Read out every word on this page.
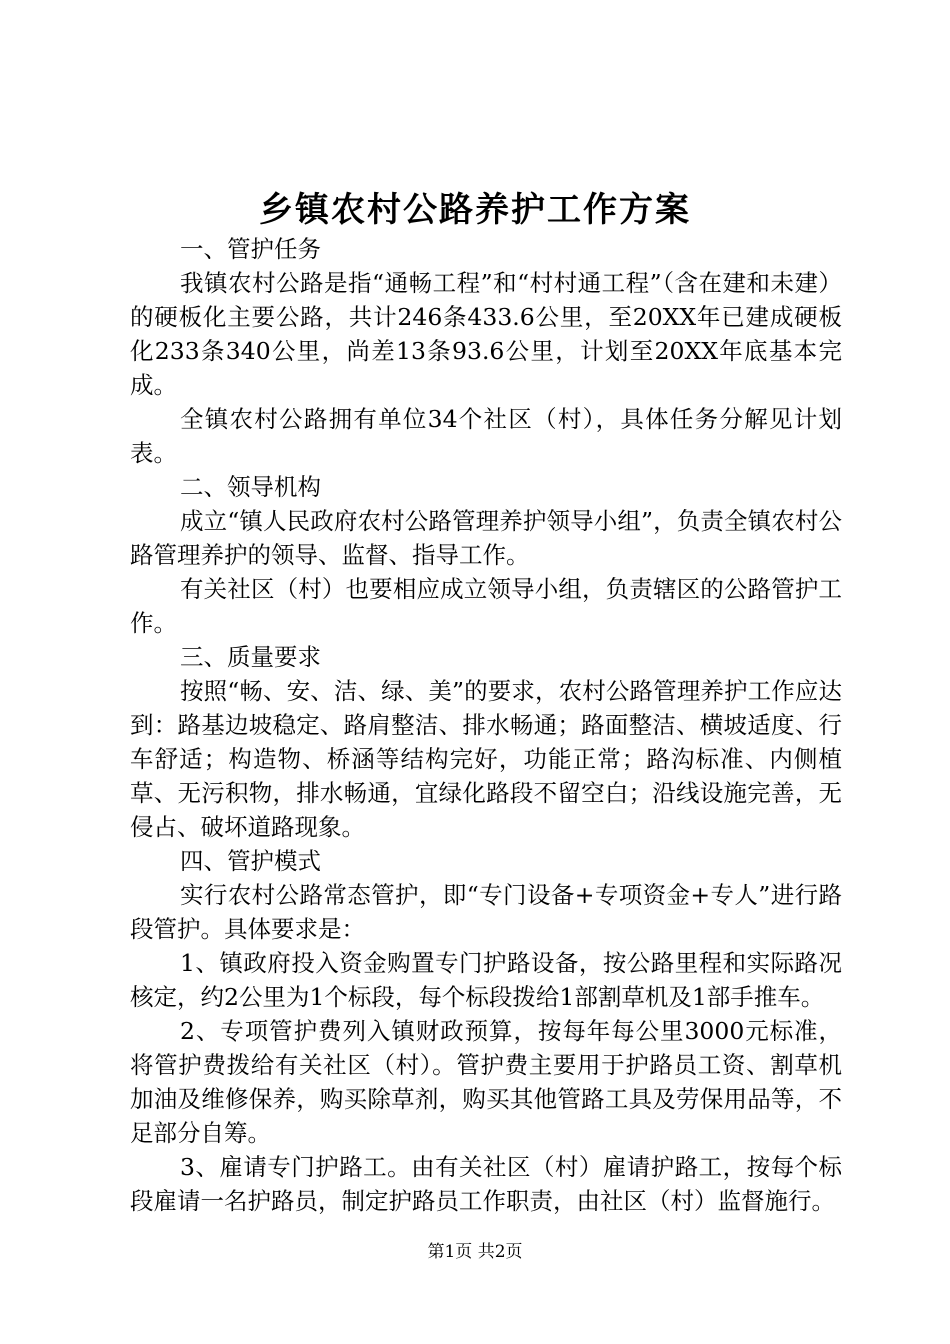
乡镇农村公路养护工作方案

一、管护任务

我镇农村公路是指“通畅工程”和“村村通工程”（含在建和未建）的硬板化主要公路，共计246条433.6公里，至20XX年已建成硬板化233条340公里，尚差13条93.6公里，计划至20XX年底基本完成。

全镇农村公路拥有单位34个社区（村），具体任务分解见计划表。

二、领导机构

成立“镇人民政府农村公路管理养护领导小组”，负责全镇农村公路管理养护的领导、监督、指导工作。

有关社区（村）也要相应成立领导小组，负责辖区的公路管护工作。

三、质量要求

按照“畅、安、洁、绿、美”的要求，农村公路管理养护工作应达到：路基边坡稳定、路肩整洁、排水畅通；路面整洁、横坡适度、行车舒适；构造物、桥涵等结构完好，功能正常；路沟标准、内侧植草、无污积物，排水畅通，宜绿化路段不留空白；沿线设施完善，无侵占、破坏道路现象。

四、管护模式

实行农村公路常态管护，即“专门设备+专项资金+专人”进行路段管护。具体要求是：

1、镇政府投入资金购置专门护路设备，按公路里程和实际路况核定，约2公里为1个标段，每个标段拨给1部割草机及1部手推车。

2、专项管护费列入镇财政预算，按每年每公里3000元标准，将管护费拨给有关社区（村）。管护费主要用于护路员工资、割草机加油及维修保养，购买除草剂，购买其他管路工具及劳保用品等，不足部分自筹。

3、雇请专门护路工。由有关社区（村）雇请护路工，按每个标段雇请一名护路员，制定护路员工作职责，由社区（村）监督施行。

第1页 共2页
